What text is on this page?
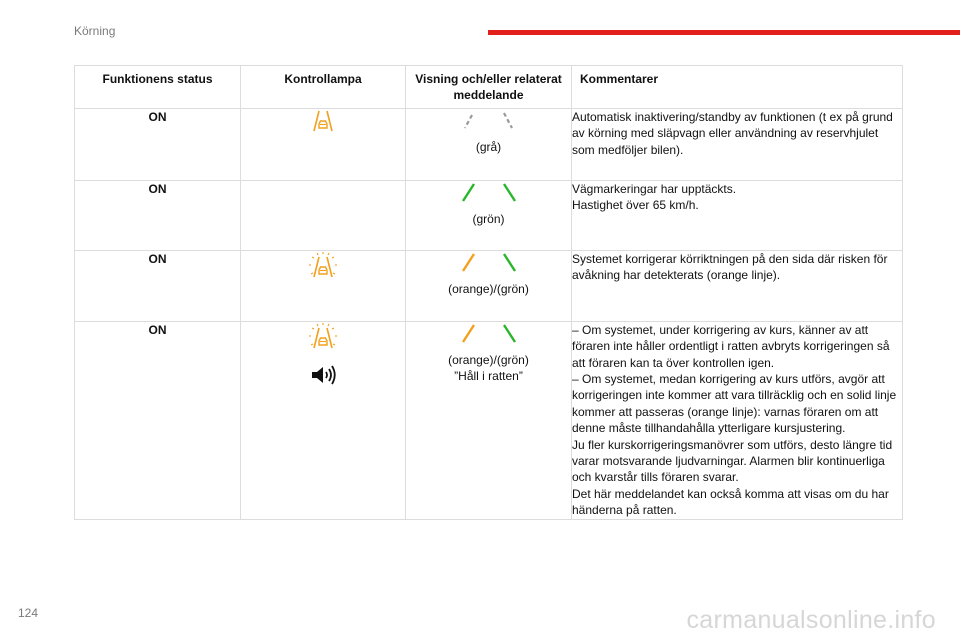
Körning
Funktionens status	Kontrollampa	Visning och/eller relaterat meddelande	Kommentarer
ON		(grå)	Automatisk inaktivering/standby av funktionen (t ex på grund av körning med släpvagn eller användning av reservhjulet som medföljer bilen).

ON		(grön)	Vägmarkeringar har upptäckts.
Hastighet över 65 km/h.

ON		(orange)/(grön)	Systemet korrigerar körriktningen på den sida där risken för avåkning har detekterats (orange linje).

ON		(orange)/(grön)
”Håll i ratten”	– Om systemet, under korrigering av kurs, känner av att föraren inte håller ordentligt i ratten avbryts korrigeringen så att föraren kan ta över kontrollen igen.
– Om systemet, medan korrigering av kurs utförs, avgör att korrigeringen inte kommer att vara tillräcklig och en solid linje kommer att passeras (orange linje): varnas föraren om att denne måste tillhandahålla ytterligare kursjustering.
Ju fler kurskorrigeringsmanövrer som utförs, desto längre tid varar motsvarande ljudvarningar. Alarmen blir kontinuerliga och kvarstår tills föraren svarar.
Det här meddelandet kan också komma att visas om du har händerna på ratten.
124	carmanualsonline.info
